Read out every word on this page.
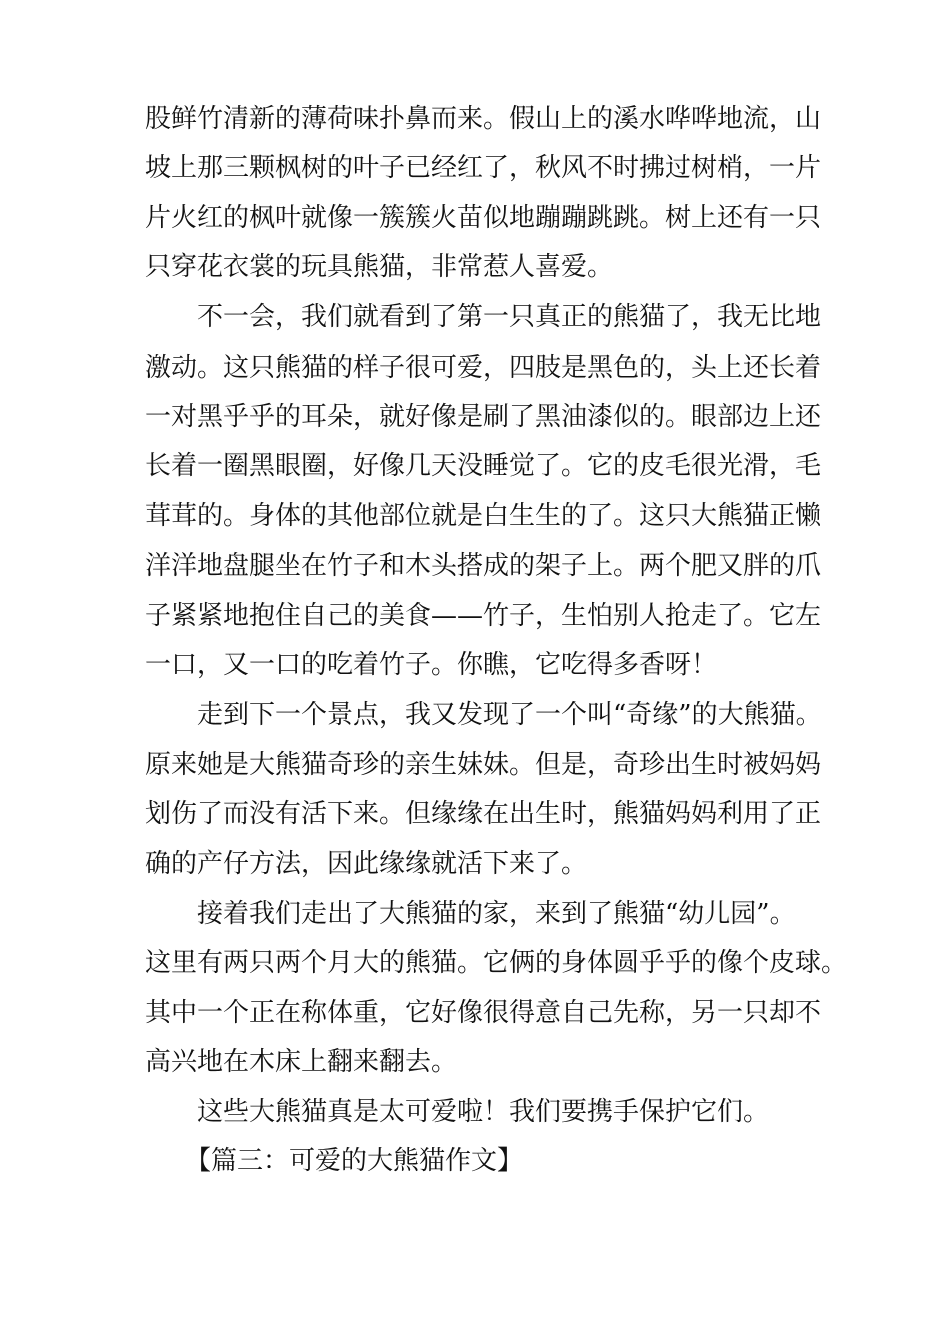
股鲜竹清新的薄荷味扑鼻而来。假山上的溪水哗哗地流，山
坡上那三颗枫树的叶子已经红了，秋风不时拂过树梢，一片
片火红的枫叶就像一簇簇火苗似地蹦蹦跳跳。树上还有一只
只穿花衣裳的玩具熊猫，非常惹人喜爱。
不一会，我们就看到了第一只真正的熊猫了，我无比地
激动。这只熊猫的样子很可爱，四肢是黑色的，头上还长着
一对黑乎乎的耳朵，就好像是刷了黑油漆似的。眼部边上还
长着一圈黑眼圈，好像几天没睡觉了。它的皮毛很光滑，毛
茸茸的。身体的其他部位就是白生生的了。这只大熊猫正懒
洋洋地盘腿坐在竹子和木头搭成的架子上。两个肥又胖的爪
子紧紧地抱住自己的美食——竹子，生怕别人抢走了。它左
一口，又一口的吃着竹子。你瞧，它吃得多香呀！
走到下一个景点，我又发现了一个叫“奇缘”的大熊猫。
原来她是大熊猫奇珍的亲生妹妹。但是，奇珍出生时被妈妈
划伤了而没有活下来。但缘缘在出生时，熊猫妈妈利用了正
确的产仔方法，因此缘缘就活下来了。
接着我们走出了大熊猫的家，来到了熊猫“幼儿园”。
这里有两只两个月大的熊猫。它俩的身体圆乎乎的像个皮球。
其中一个正在称体重，它好像很得意自己先称，另一只却不
高兴地在木床上翻来翻去。
这些大熊猫真是太可爱啦！我们要携手保护它们。
【篇三：可爱的大熊猫作文】
